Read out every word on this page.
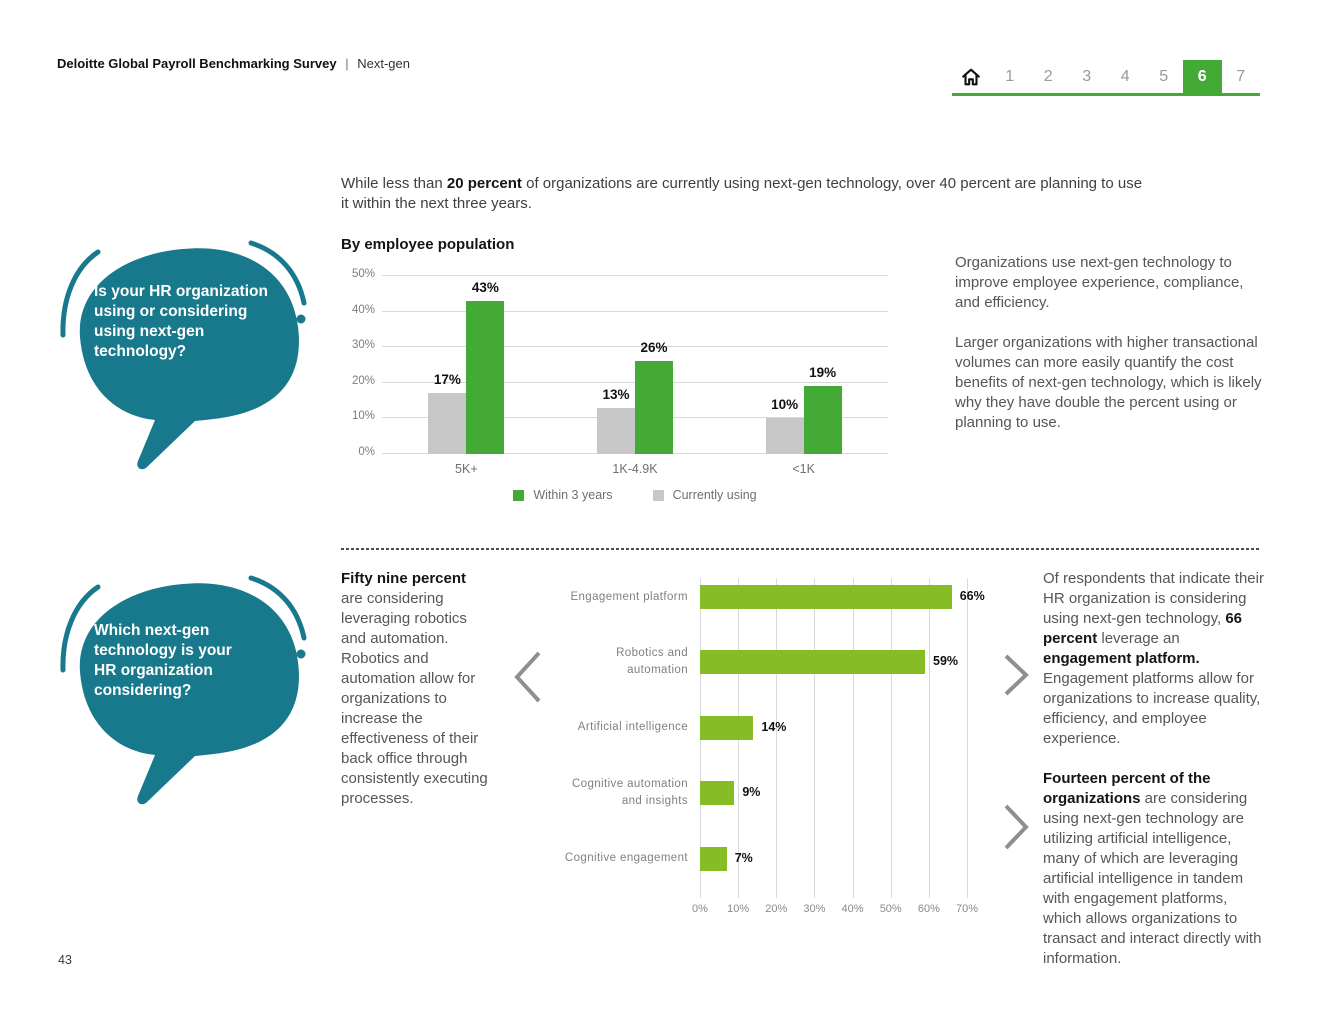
Deloitte Global Payroll Benchmarking Survey | Next-gen
1	2	3	4	5	6	7
While less than 20 percent of organizations are currently using next-gen technology, over 40 percent are planning to use it within the next three years.
Is your HR organization using or considering using next-gen technology?
By employee population
0%
10%
20%
30%
40%
50%
17%
43%
5K+
13%
26%
1K-4.9K
10%
19%
<1K
Within 3 years	Currently using

Organizations use next-gen technology to improve employee experience, compliance, and efficiency.

Larger organizations with higher transactional volumes can more easily quantify the cost benefits of next-gen technology, which is likely why they have double the percent using or planning to use.

Which next-gen technology is your HR organization considering?

Fifty nine percent
are considering leveraging robotics and automation. Robotics and automation allow for organizations to increase the effectiveness of their back office through consistently executing processes.

0%	10%	20%	30%	40%	50%	60%	70%
Engagement platform	66%
Robotics and automation
59%
Artificial intelligence	14%
Cognitive automation and insights
9%
Cognitive engagement	7%

Of respondents that indicate their HR organization is considering using next-gen technology, 66 percent leverage an engagement platform. Engagement platforms allow for organizations to increase quality, efficiency, and employee experience.

Fourteen percent of the organizations are considering using next-gen technology are utilizing artificial intelligence, many of which are leveraging artificial intelligence in tandem with engagement platforms, which allows organizations to transact and interact directly with information.

43
